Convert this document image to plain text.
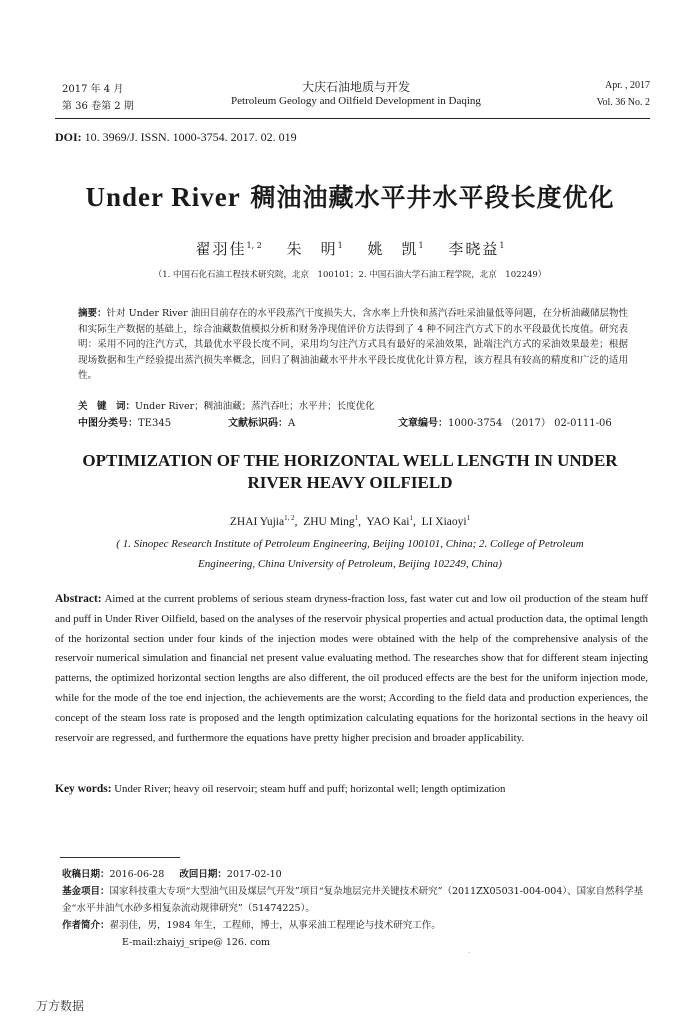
2017 年 4 月
第 36 卷第 2 期
大庆石油地质与开发
Petroleum Geology and Oilfield Development in Daqing
Apr. , 2017
Vol. 36 No. 2
DOI: 10. 3969/J. ISSN. 1000-3754. 2017. 02. 019
Under River 稠油油藏水平井水平段长度优化
翟羽佳$^{1, 2}$ 朱　明$^1$ 姚　凯$^1$ 李晓益$^1$
（1. 中国石化石油工程技术研究院，北京　100101；2. 中国石油大学石油工程学院，北京　102249）
摘要：针对 Under River 油田目前存在的水平段蒸汽干度损失大、含水率上升快和蒸汽吞吐采油量低等问题，在分析油藏储层物性和实际生产数据的基础上，综合油藏数值模拟分析和财务净现值评价方法得到了 4 种不同注汽方式下的水平段最优长度值。研究表明：采用不同的注汽方式，其最优水平段长度不同，采用均匀注汽方式具有最好的采油效果，趾端注汽方式的采油效果最差；根据现场数据和生产经验提出蒸汽损失率概念，回归了稠油油藏水平井水平段长度优化计算方程，该方程具有较高的精度和广泛的适用性。
关　键　词：Under River；稠油油藏；蒸汽吞吐；水平井；长度优化
中图分类号：TE345	文献标识码：A	文章编号：1000-3754 （2017） 02-0111-06
OPTIMIZATION OF THE HORIZONTAL WELL LENGTH IN UNDER RIVER HEAVY OILFIELD
ZHAI Yujia$^{1, 2}$,  ZHU Ming$^1$,  YAO Kai$^1$,  LI Xiaoyi$^1$
( 1. Sinopec Research Institute of Petroleum Engineering, Beijing 100101, China; 2. College of Petroleum Engineering, China University of Petroleum, Beijing 102249, China)
Abstract: Aimed at the current problems of serious steam dryness-fraction loss, fast water cut and low oil production of the steam huff and puff in Under River Oilfield, based on the analyses of the reservoir physical properties and actual production data, the optimal length of the horizontal section under four kinds of the injection modes were obtained with the help of the comprehensive analysis of the reservoir numerical simulation and financial net present value evaluating method. The researches show that for different steam injecting patterns, the optimized horizontal section lengths are also different, the oil produced effects are the best for the uniform injection mode, while for the mode of the toe end injection, the achievements are the worst; According to the field data and production experiences, the concept of the steam loss rate is proposed and the length optimization calculating equations for the horizontal sections in the heavy oil reservoir are regressed, and furthermore the equations have pretty higher precision and broader applicability.
Key words: Under River; heavy oil reservoir; steam huff and puff; horizontal well; length optimization
收稿日期：2016-06-28 改回日期：2017-02-10
基金项目：国家科技重大专项“大型油气田及煤层气开发”项目“复杂地层完井关键技术研究”（2011ZX05031-004-004）、国家自然科学基金“水平井油气水砂多相复杂流动规律研究”（51474225）。
作者简介：翟羽佳，男，1984 年生，工程师，博士，从事采油工程理论与技术研究工作。
E-mail:zhaiyj_sripe@ 126. com
.
万方数据
